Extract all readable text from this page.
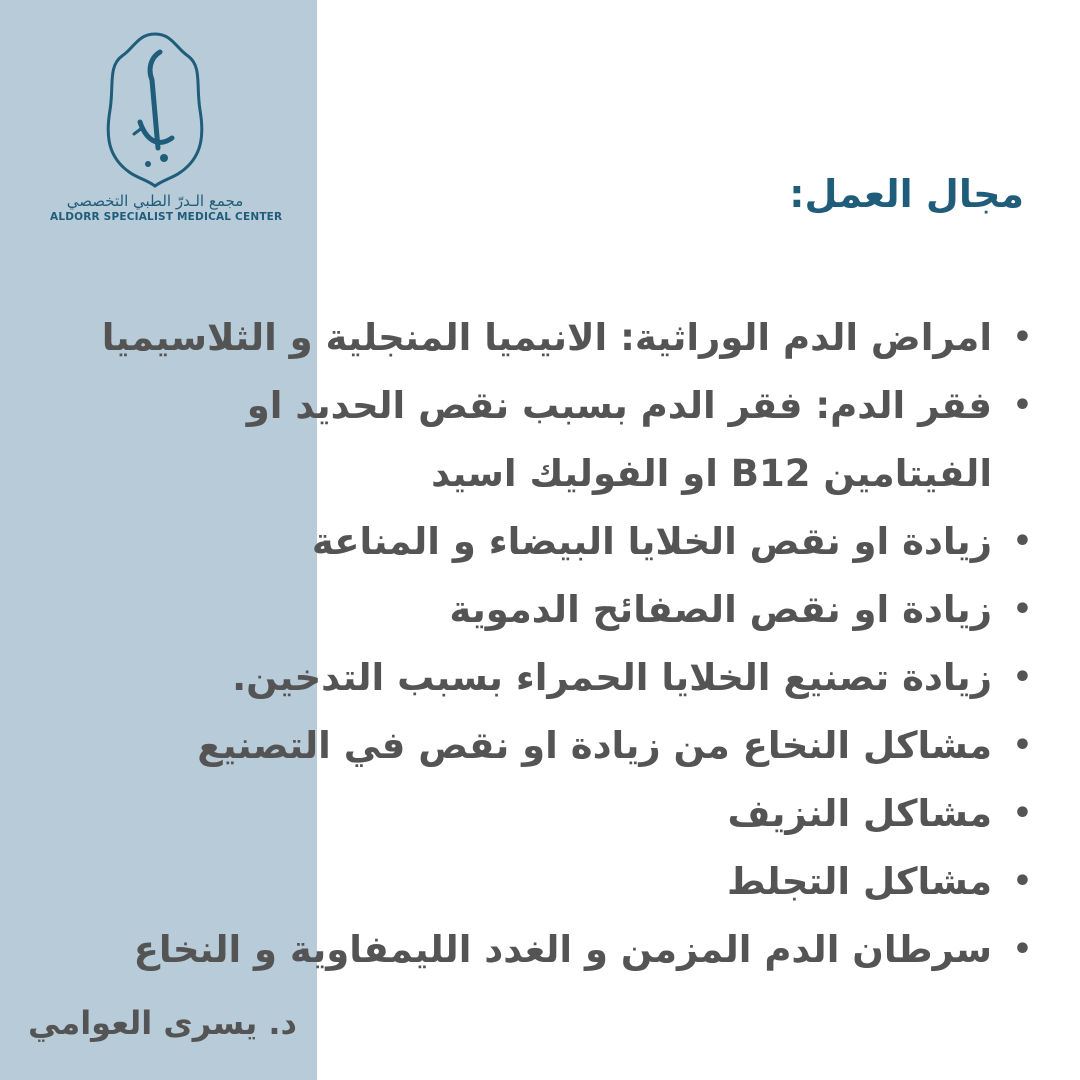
مجمع الـدرّ الطبي التخصصي
ALDORR SPECIALIST MEDICAL CENTER
مجال العمل:
•
امراض الدم الوراثية: الانيميا المنجلية و الثلاسيميا
•
فقر الدم: فقر الدم بسبب نقص الحديد او الفيتامين B12 او الفوليك اسيد
•
زيادة او نقص الخلايا البيضاء و المناعة
•
زيادة او نقص الصفائح الدموية
•
زيادة تصنيع الخلايا الحمراء بسبب التدخين.
•
مشاكل النخاع من زيادة او نقص في التصنيع
•
مشاكل النزيف
•
مشاكل التجلط
•
سرطان الدم المزمن و الغدد الليمفاوية و النخاع
د. يسرى العوامي
